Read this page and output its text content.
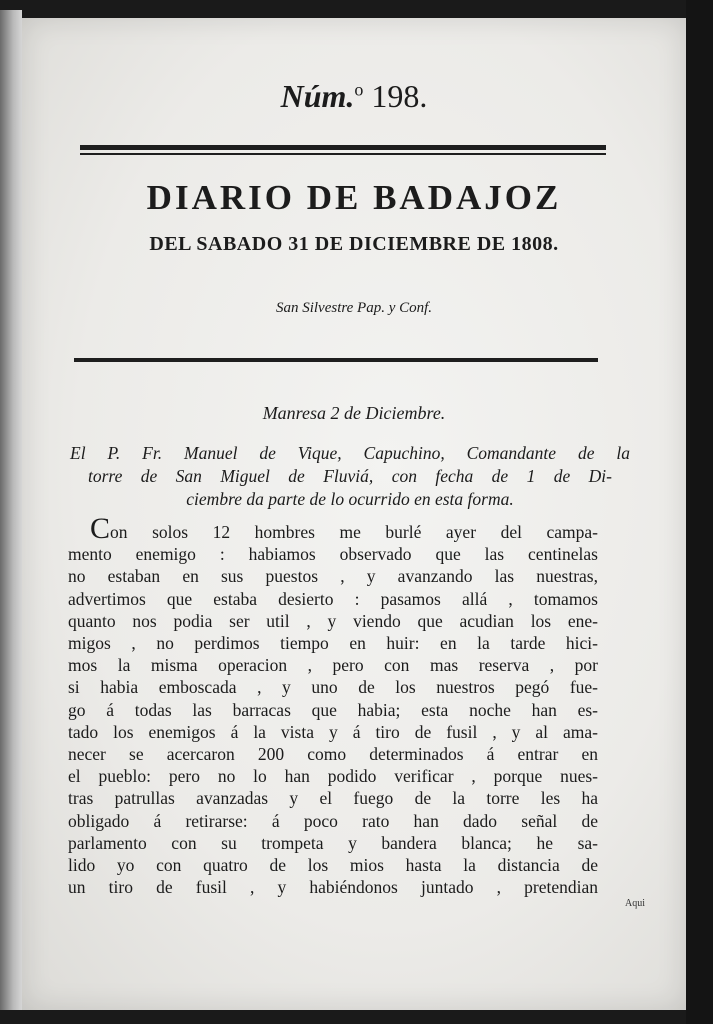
Núm.$^o$ 198.
DIARIO DE BADAJOZ
DEL SABADO 31 DE DICIEMBRE DE 1808.
San Silvestre Pap. y Conf.
Manresa 2 de Diciembre.
El P. Fr. Manuel de Vique, Capuchino, Comandante de la
torre de San Miguel de Fluviá, con fecha de 1 de Di-
ciembre da parte de lo ocurrido en esta forma.
Con solos 12 hombres me burlé ayer del campa-
mento enemigo : habiamos observado que las centinelas
no estaban en sus puestos , y avanzando las nuestras,
advertimos que estaba desierto : pasamos allá , tomamos
quanto nos podia ser util , y viendo que acudian los ene-
migos , no perdimos tiempo en huir: en la tarde hici-
mos la misma operacion , pero con mas reserva , por
si habia emboscada , y uno de los nuestros pegó fue-
go á todas las barracas que habia; esta noche han es-
tado los enemigos á la vista y á tiro de fusil , y al ama-
necer se acercaron 200 como determinados á entrar en
el pueblo: pero no lo han podido verificar , porque nues-
tras patrullas avanzadas y el fuego de la torre les ha
obligado á retirarse: á poco rato han dado señal de
parlamento con su trompeta y bandera blanca; he sa-
lido yo con quatro de los mios hasta la distancia de
un tiro de fusil , y habiéndonos juntado , pretendian
Aqui
